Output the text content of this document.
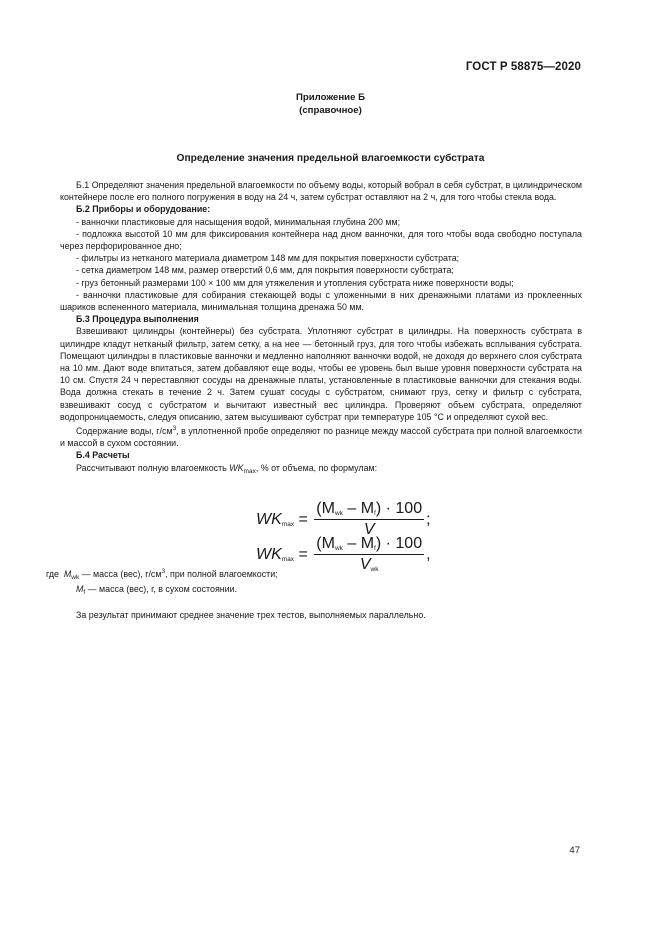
ГОСТ Р 58875—2020
Приложение Б
(справочное)
Определение значения предельной влагоемкости субстрата

Б.1 Определяют значения предельной влагоемкости по объему воды, который вобрал в себя субстрат, в цилиндрическом контейнере после его полного погружения в воду на 24 ч, затем субстрат оставляют на 2 ч, для того чтобы стекла вода.

Б.2 Приборы и оборудование:

- ванночки пластиковые для насыщения водой, минимальная глубина 200 мм;

- подложка высотой 10 мм для фиксирования контейнера над дном ванночки, для того чтобы вода свободно поступала через перфорированное дно;

- фильтры из нетканого материала диаметром 148 мм для покрытия поверхности субстрата;

- сетка диаметром 148 мм, размер отверстий 0,6 мм, для покрытия поверхности субстрата;

- груз бетонный размерами 100 × 100 мм для утяжеления и утопления субстрата ниже поверхности воды;

- ванночки пластиковые для собирания стекающей воды с уложенными в них дренажными платами из проклеенных шариков вспененного материала, минимальная толщина дренажа 50 мм.

Б.3 Процедура выполнения

Взвешивают цилиндры (контейнеры) без субстрата. Уплотняют субстрат в цилиндры. На поверхность субстрата в цилиндре кладут нетканый фильтр, затем сетку, а на нее — бетонный груз, для того чтобы избежать всплывания субстрата. Помещают цилиндры в пластиковые ванночки и медленно наполняют ванночки водой, не доходя до верхнего слоя субстрата на 10 мм. Дают воде впитаться, затем добавляют еще воды, чтобы ее уровень был выше уровня поверхности субстрата на 10 см. Спустя 24 ч переставляют сосуды на дренажные платы, установленные в пластиковые ванночки для стекания воды. Вода должна стекать в течение 2 ч. Затем сушат сосуды с субстратом, снимают груз, сетку и фильтр с субстрата, взвешивают сосуд с субстратом и вычитают известный вес цилиндра. Проверяют объем субстрата, определяют водопроницаемость, следуя описанию, затем высушивают субстрат при температуре 105 °С и определяют сухой вес.

Содержание воды, $г/см^3$, в уплотненной пробе определяют по разнице между массой субстрата при полной влагоемкости и массой в сухом состоянии.

Б.4 Расчеты

Рассчитывают полную влагоемкость $WK_{max}$, % от объема, по формулам:

$WK_{max} = \frac{(M_{wk} - M_f) \cdot 100}{V}$ ;
$WK_{max} = \frac{(M_{wk} - M_f) \cdot 100}{V_{wk}}$ ,
где $M_{wk}$ — масса (вес), $г/см^3$, при полной влагоемкости;
$M_f$ — масса (вес), г, в сухом состоянии.
За результат принимают среднее значение трех тестов, выполняемых параллельно.
47
